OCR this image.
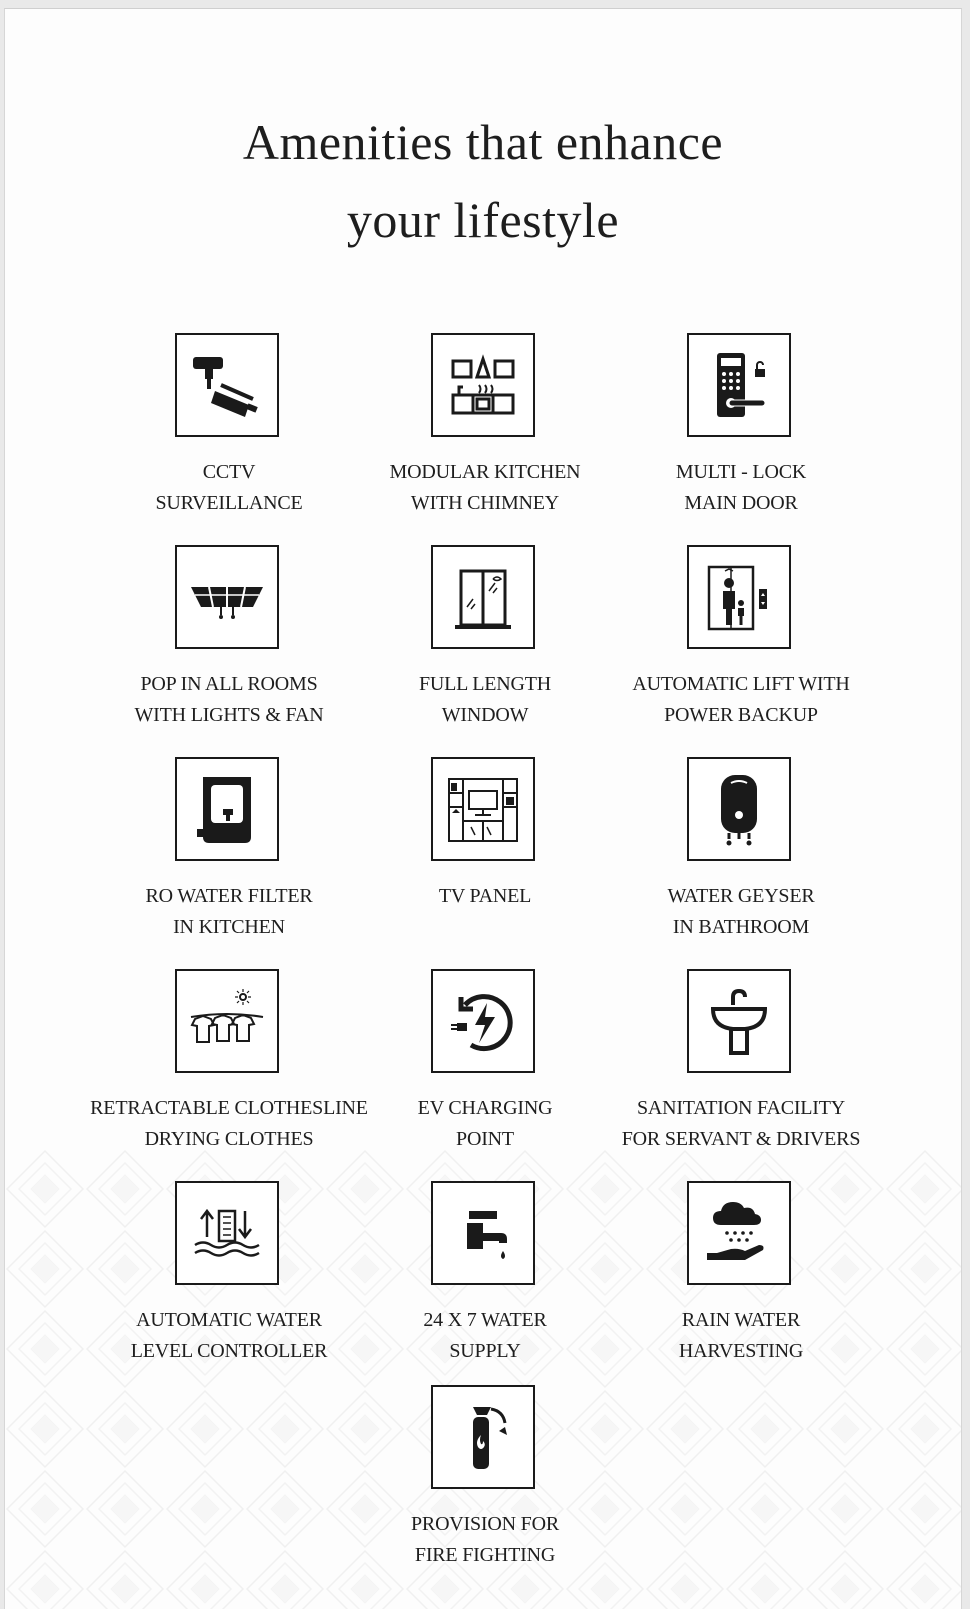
Amenities that enhance
your lifestyle
CCTV
SURVEILLANCE
MODULAR KITCHEN
WITH CHIMNEY
MULTI - LOCK
MAIN DOOR
POP IN ALL ROOMS
WITH LIGHTS & FAN
FULL LENGTH
WINDOW
AUTOMATIC LIFT WITH
POWER BACKUP
RO WATER FILTER
IN KITCHEN
TV PANEL	WATER GEYSER
IN BATHROOM
RETRACTABLE CLOTHESLINE
DRYING CLOTHES
EV CHARGING
POINT
SANITATION FACILITY
FOR SERVANT & DRIVERS
AUTOMATIC WATER
LEVEL CONTROLLER
24 X 7 WATER
SUPPLY
RAIN WATER
HARVESTING
PROVISION FOR
FIRE FIGHTING
